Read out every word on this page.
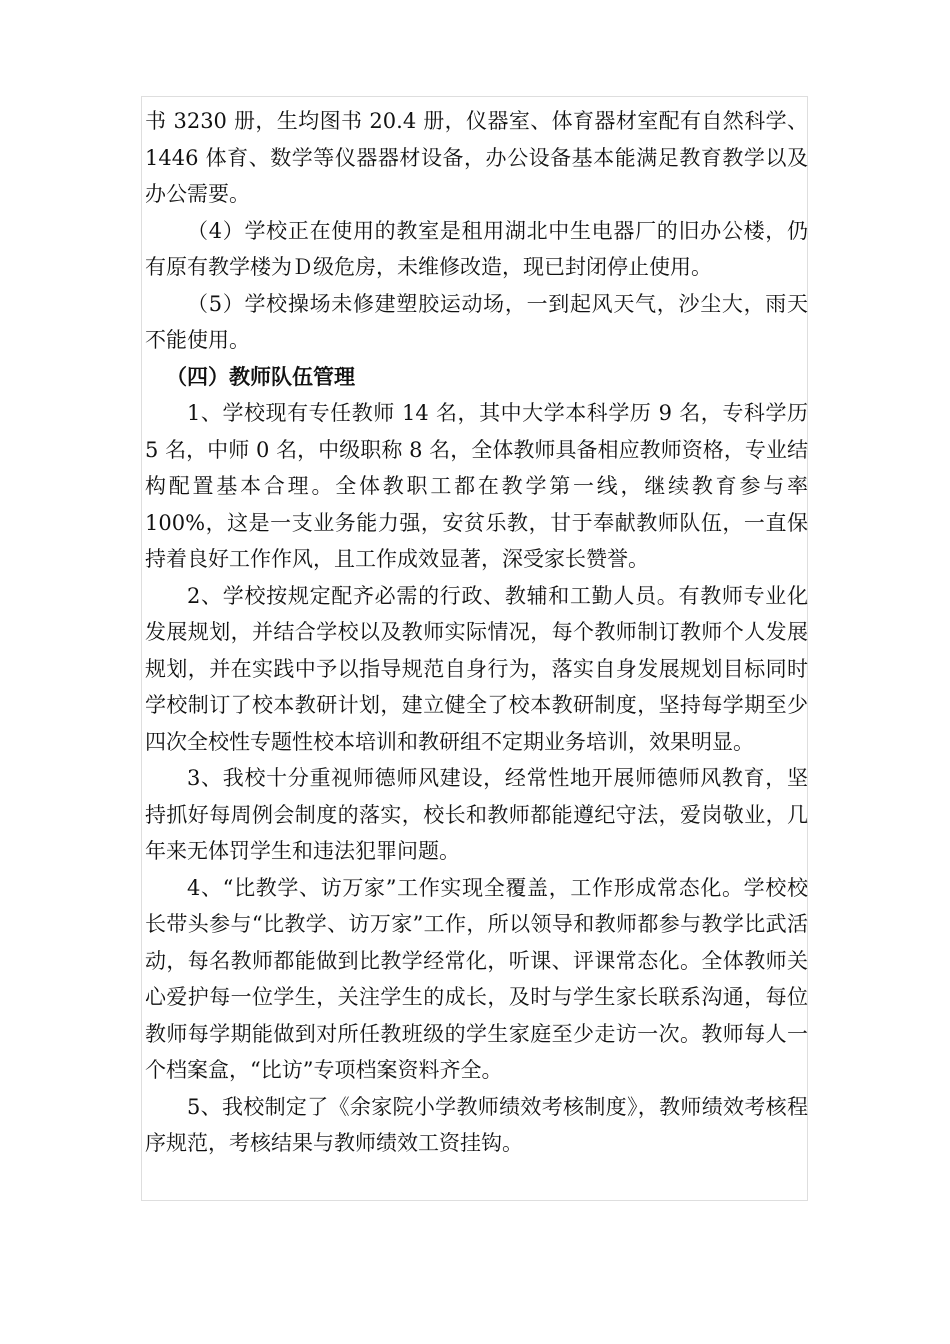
书 3230 册，生均图书 20.4 册，仪器室、体育器材室配有自然科学、1446 体育、数学等仪器器材设备，办公设备基本能满足教育教学以及办公需要。

（4）学校正在使用的教室是租用湖北中生电器厂的旧办公楼，仍有原有教学楼为Ｄ级危房，未维修改造，现已封闭停止使用。

（5）学校操场未修建塑胶运动场，一到起风天气，沙尘大，雨天不能使用。

（四）教师队伍管理

1、学校现有专任教师 14 名，其中大学本科学历 9 名，专科学历 5 名，中师 0 名，中级职称 8 名，全体教师具备相应教师资格，专业结构配置基本合理。全体教职工都在教学第一线，继续教育参与率 100%，这是一支业务能力强，安贫乐教，甘于奉献教师队伍，一直保持着良好工作作风，且工作成效显著，深受家长赞誉。

2、学校按规定配齐必需的行政、教辅和工勤人员。有教师专业化发展规划，并结合学校以及教师实际情况，每个教师制订教师个人发展规划，并在实践中予以指导规范自身行为，落实自身发展规划目标同时学校制订了校本教研计划，建立健全了校本教研制度，坚持每学期至少四次全校性专题性校本培训和教研组不定期业务培训，效果明显。

3、我校十分重视师德师风建设，经常性地开展师德师风教育，坚持抓好每周例会制度的落实，校长和教师都能遵纪守法，爱岗敬业，几年来无体罚学生和违法犯罪问题。

4、“比教学、访万家”工作实现全覆盖，工作形成常态化。学校校长带头参与“比教学、访万家”工作，所以领导和教师都参与教学比武活动，每名教师都能做到比教学经常化，听课、评课常态化。全体教师关心爱护每一位学生，关注学生的成长，及时与学生家长联系沟通，每位教师每学期能做到对所任教班级的学生家庭至少走访一次。教师每人一个档案盒，“比访”专项档案资料齐全。

5、我校制定了《余家院小学教师绩效考核制度》，教师绩效考核程序规范，考核结果与教师绩效工资挂钩。
